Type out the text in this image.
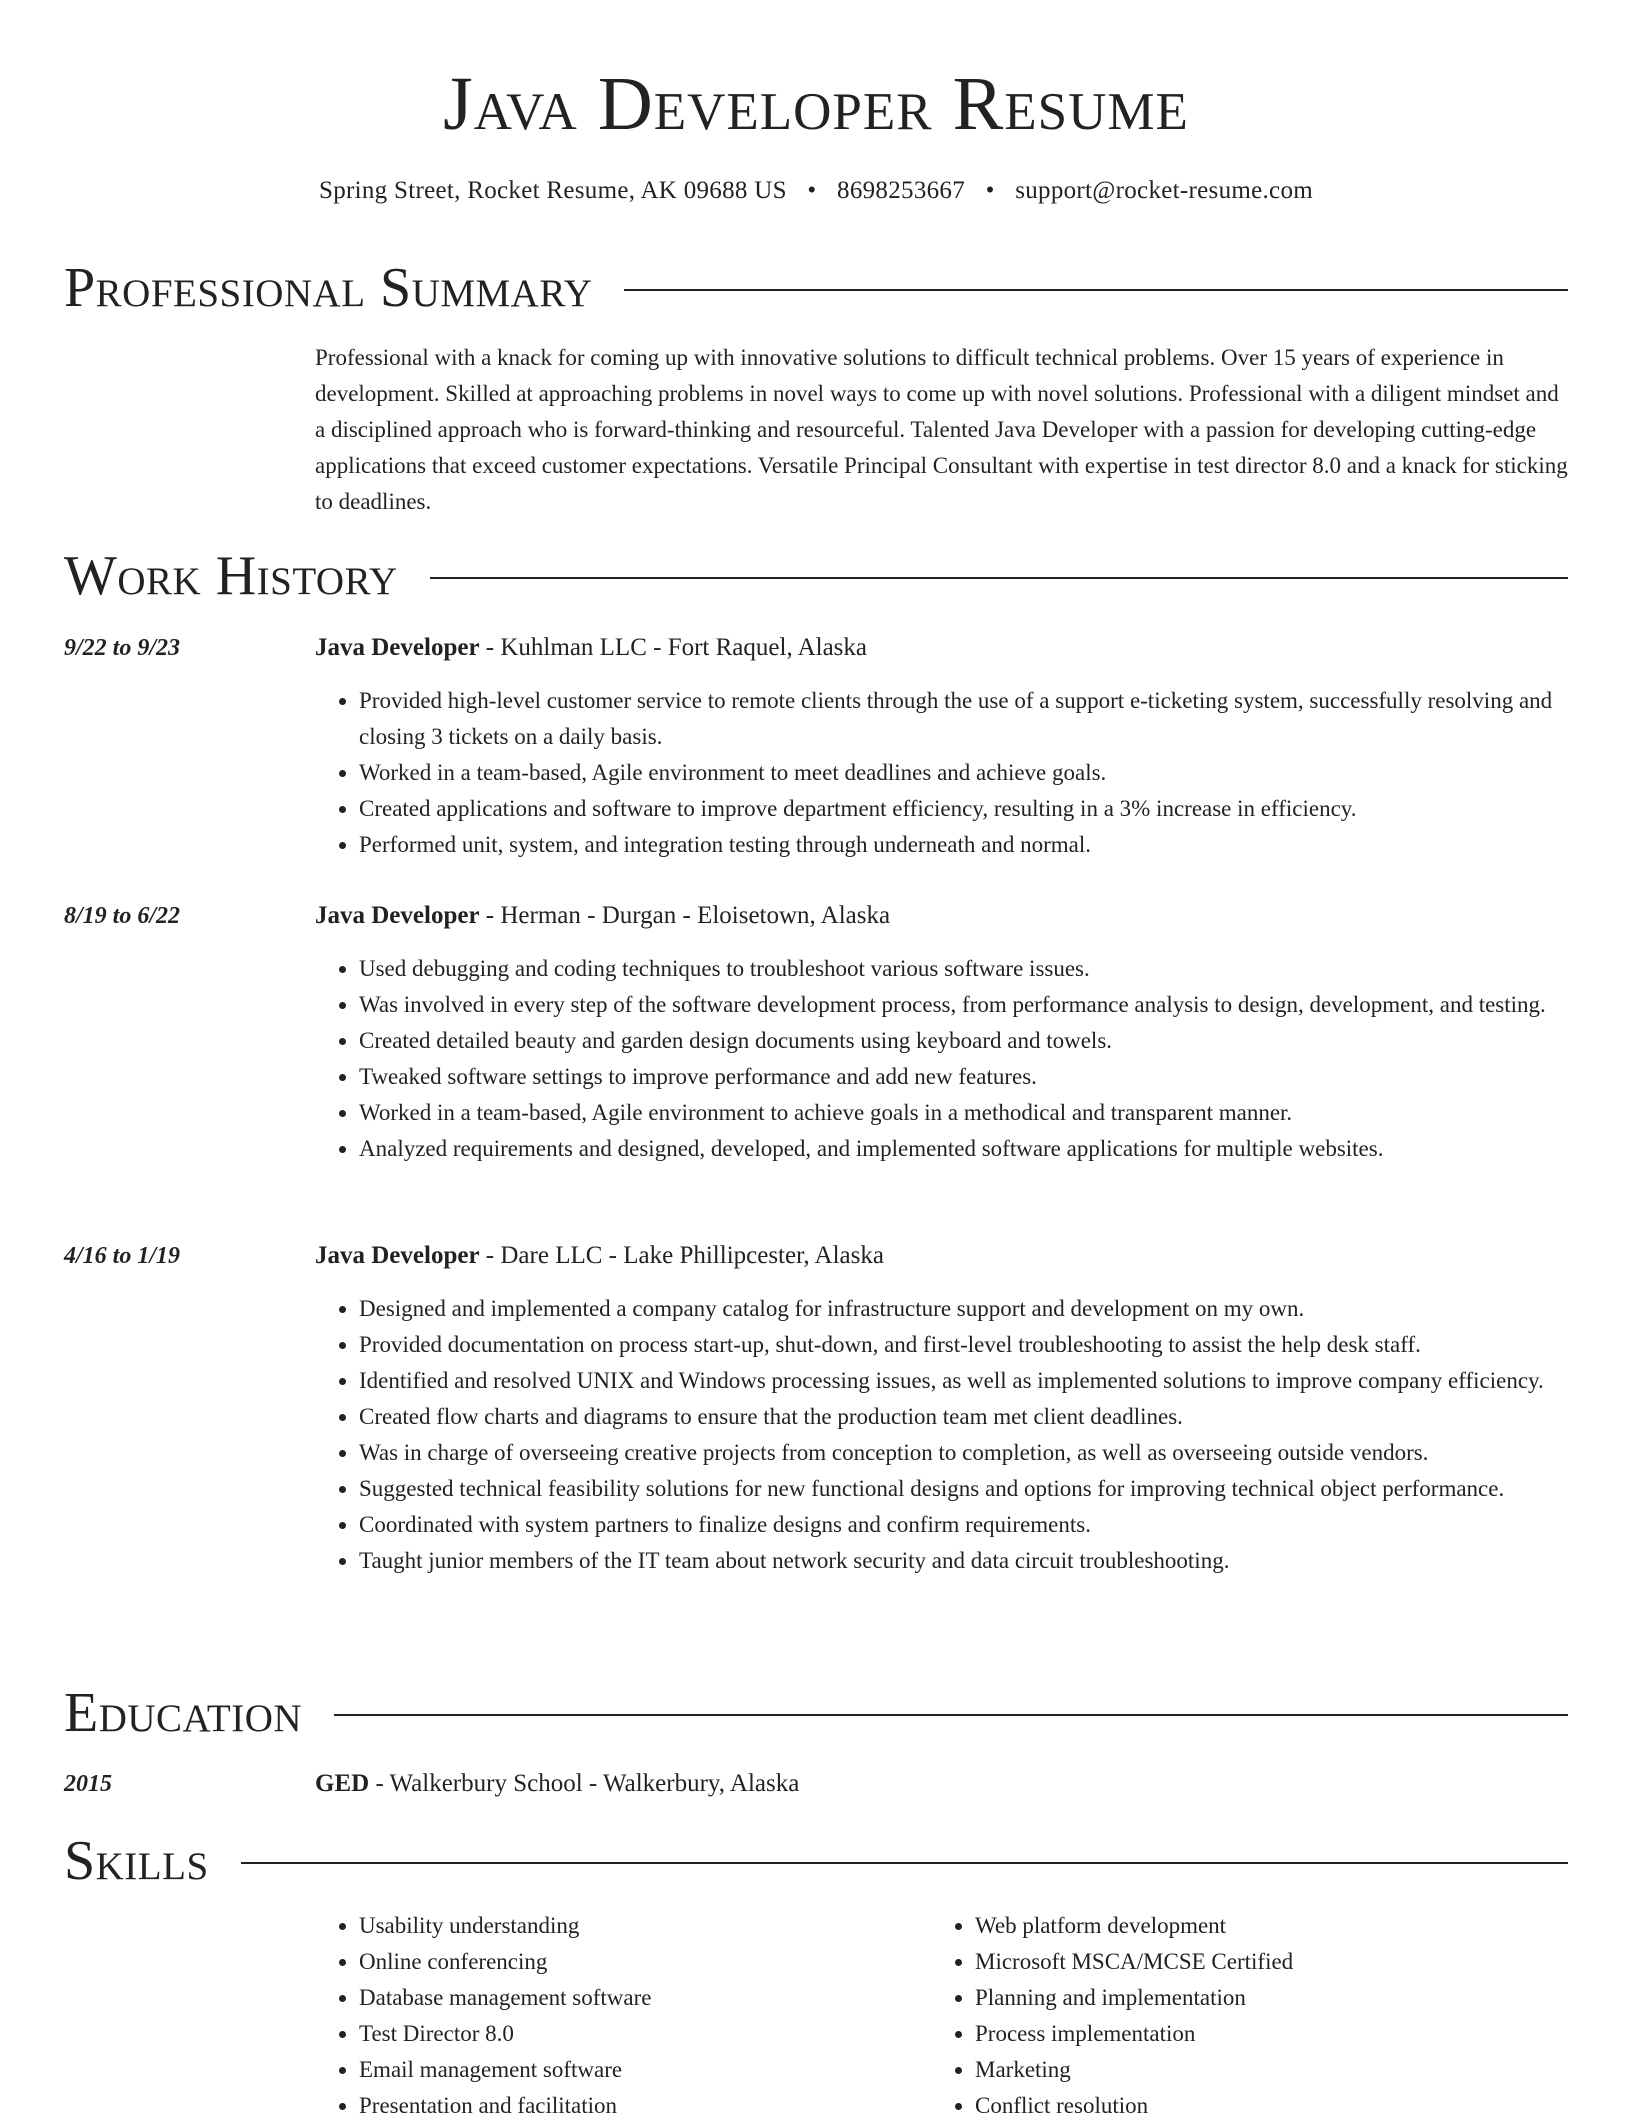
Java Developer Resume
Spring Street, Rocket Resume, AK 09688 US • 8698253667 • support@rocket-resume.com
Professional Summary
Professional with a knack for coming up with innovative solutions to difficult technical problems. Over 15 years of experience in development. Skilled at approaching problems in novel ways to come up with novel solutions. Professional with a diligent mindset and a disciplined approach who is forward-thinking and resourceful. Talented Java Developer with a passion for developing cutting-edge applications that exceed customer expectations. Versatile Principal Consultant with expertise in test director 8.0 and a knack for sticking to deadlines.
Work History
9/22 to 9/23	Java Developer - Kuhlman LLC - Fort Raquel, Alaska
• Provided high-level customer service to remote clients through the use of a support e-ticketing system, successfully resolving and closing 3 tickets on a daily basis.
• Worked in a team-based, Agile environment to meet deadlines and achieve goals.
• Created applications and software to improve department efficiency, resulting in a 3% increase in efficiency.
• Performed unit, system, and integration testing through underneath and normal.
8/19 to 6/22	Java Developer - Herman - Durgan - Eloisetown, Alaska
• Used debugging and coding techniques to troubleshoot various software issues.
• Was involved in every step of the software development process, from performance analysis to design, development, and testing.
• Created detailed beauty and garden design documents using keyboard and towels.
• Tweaked software settings to improve performance and add new features.
• Worked in a team-based, Agile environment to achieve goals in a methodical and transparent manner.
• Analyzed requirements and designed, developed, and implemented software applications for multiple websites.
4/16 to 1/19	Java Developer - Dare LLC - Lake Phillipcester, Alaska
• Designed and implemented a company catalog for infrastructure support and development on my own.
• Provided documentation on process start-up, shut-down, and first-level troubleshooting to assist the help desk staff.
• Identified and resolved UNIX and Windows processing issues, as well as implemented solutions to improve company efficiency.
• Created flow charts and diagrams to ensure that the production team met client deadlines.
• Was in charge of overseeing creative projects from conception to completion, as well as overseeing outside vendors.
• Suggested technical feasibility solutions for new functional designs and options for improving technical object performance.
• Coordinated with system partners to finalize designs and confirm requirements.
• Taught junior members of the IT team about network security and data circuit troubleshooting.
Education
2015	GED - Walkerbury School - Walkerbury, Alaska
Skills
• Usability understanding
• Online conferencing
• Database management software
• Test Director 8.0
• Email management software
• Presentation and facilitation
• Web platform development
• Microsoft MSCA/MCSE Certified
• Planning and implementation
• Process implementation
• Marketing
• Conflict resolution
